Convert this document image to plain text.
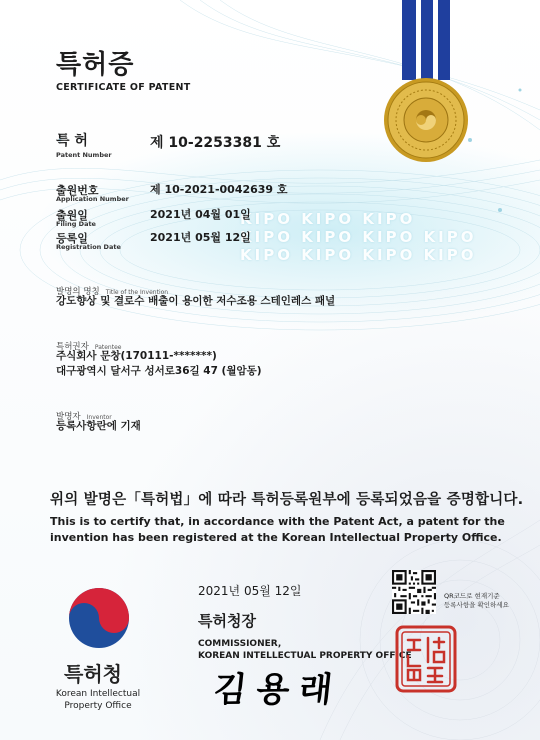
KIPO KIPO KIPO
KIPO KIPO KIPO KIPO
KIPO KIPO KIPO KIPO
특허증
CERTIFICATE OF PATENT
특 허
Patent Number
제 10-2253381 호
출원번호
Application Number
제 10-2021-0042639 호
출원일
Filing Date
2021년 04월 01일
등록일
Registration Date
2021년 05월 12일
발명의 명칭 Title of the Invention
강도향상 및 결로수 배출이 용이한 저수조용 스테인레스 패널
특허권자 Patentee
주식회사 문창(170111-*******)
대구광역시 달서구 성서로36길 47 (월암동)
발명자 Inventor
등록사항란에 기재
위의 발명은「특허법」에 따라 특허등록원부에 등록되었음을 증명합니다.
This is to certify that, in accordance with the Patent Act, a patent for the
invention has been registered at the Korean Intellectual Property Office.
2021년 05월 12일
특허청장
COMMISSIONER,
KOREAN INTELLECTUAL PROPERTY OFFICE
김용래
QR코드로 현재기준
등록사항을 확인하세요
특허청
Korean Intellectual
Property Office
